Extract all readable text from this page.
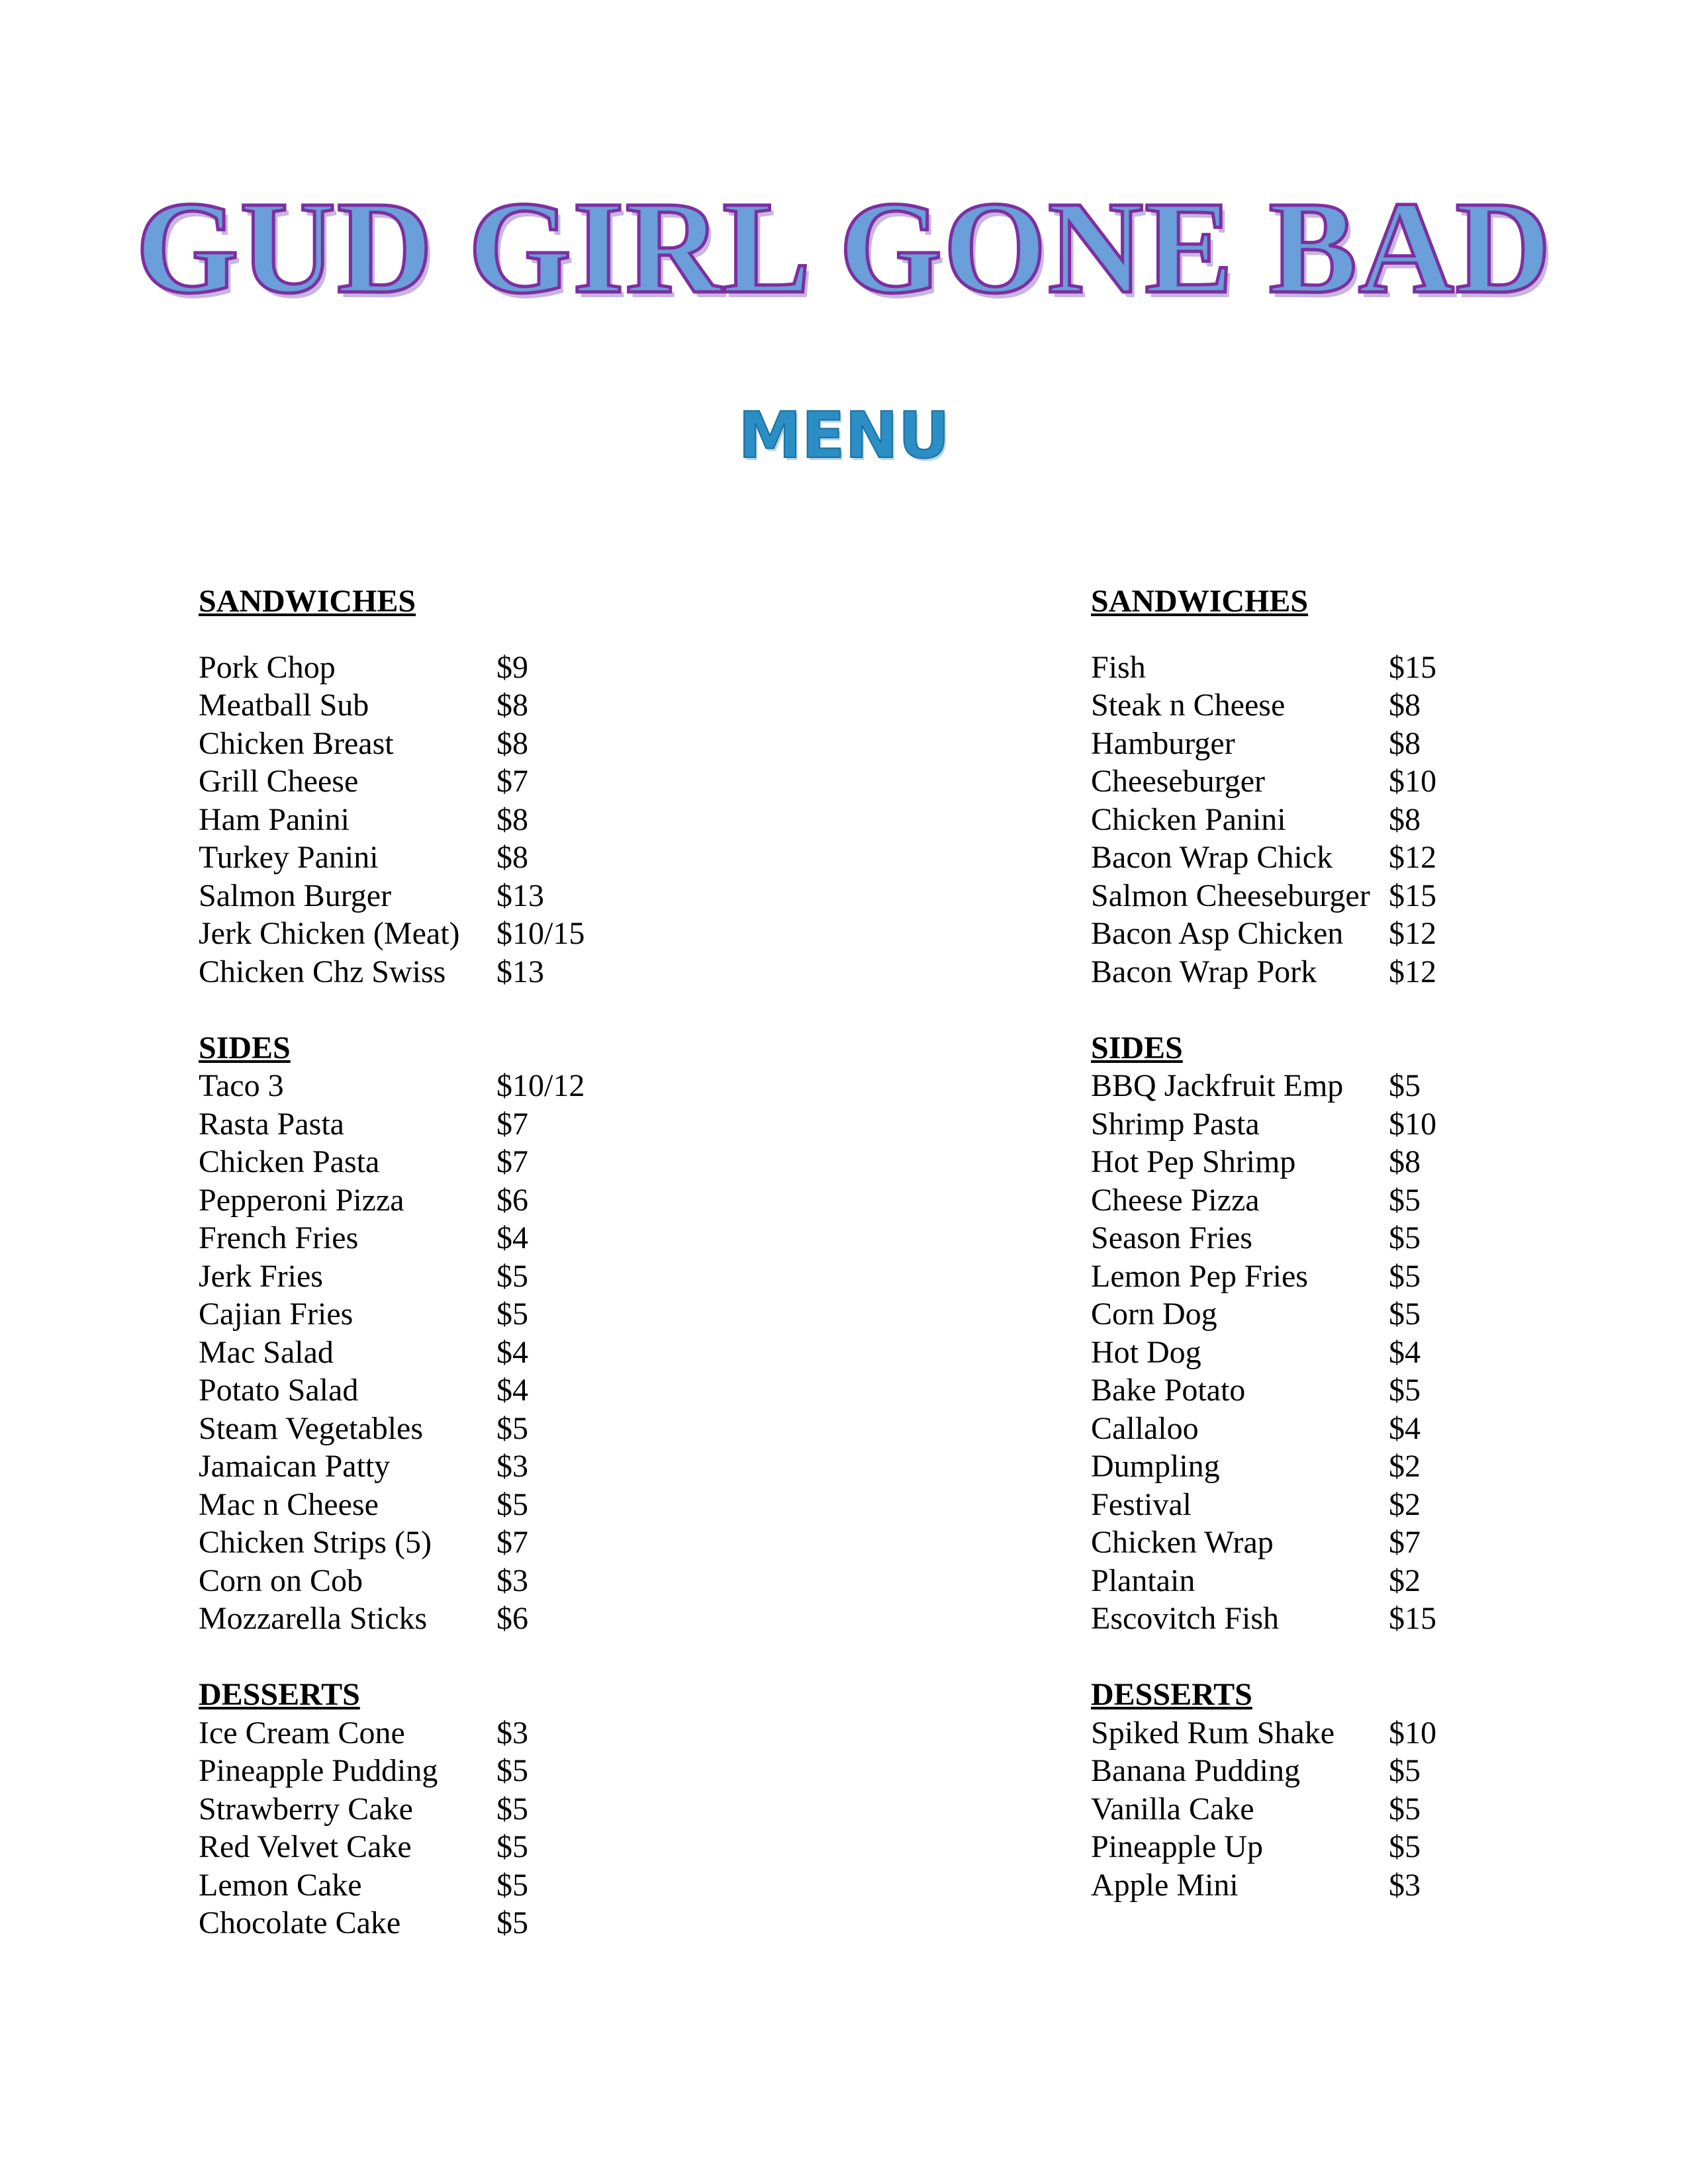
GUD GIRL GONE BAD
MENU
SANDWICHES
Pork Chop	$9
Meatball Sub	$8
Chicken Breast	$8
Grill Cheese	$7
Ham Panini	$8
Turkey Panini	$8
Salmon Burger	$13
Jerk Chicken (Meat) $10/15
Chicken Chz Swiss $13
SIDES
Taco 3	$10/12
Rasta Pasta	$7
Chicken Pasta	$7
Pepperoni Pizza	$6
French Fries	$4
Jerk Fries	$5
Cajian Fries	$5
Mac Salad	$4
Potato Salad	$4
Steam Vegetables $5
Jamaican Patty	$3
Mac n Cheese	$5
Chicken Strips (5) $7
Corn on Cob	$3
Mozzarella Sticks $6
DESSERTS
Ice Cream Cone	$3
Pineapple Pudding $5
Strawberry Cake	$5
Red Velvet Cake	$5
Lemon Cake	$5
Chocolate Cake	$5
SANDWICHES
Fish	$15
Steak n Cheese	$8
Hamburger	$8
Cheeseburger	$10
Chicken Panini	$8
Bacon Wrap Chick $12
Salmon Cheeseburger $15
Bacon Asp Chicken $12
Bacon Wrap Pork $12
SIDES
BBQ Jackfruit Emp $5
Shrimp Pasta	$10
Hot Pep Shrimp	$8
Cheese Pizza	$5
Season Fries	$5
Lemon Pep Fries	$5
Corn Dog	$5
Hot Dog	$4
Bake Potato	$5
Callaloo	$4
Dumpling	$2
Festival	$2
Chicken Wrap	$7
Plantain	$2
Escovitch Fish	$15
DESSERTS
Spiked Rum Shake $10
Banana Pudding	$5
Vanilla Cake	$5
Pineapple Up	$5
Apple Mini	$3
